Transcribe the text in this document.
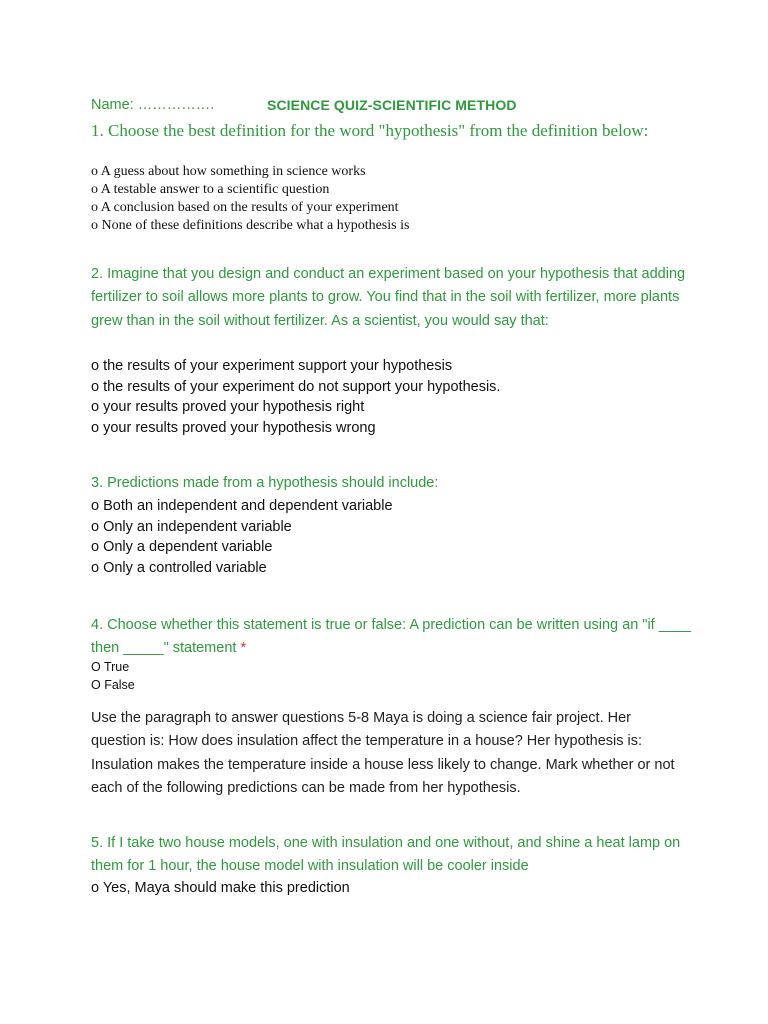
Name: …………….	SCIENCE QUIZ-SCIENTIFIC METHOD
1. Choose the best definition for the word "hypothesis" from the definition below:
o A guess about how something in science works
o A testable answer to a scientific question
o A conclusion based on the results of your experiment
o None of these definitions describe what a hypothesis is
2. Imagine that you design and conduct an experiment based on your hypothesis that adding fertilizer to soil allows more plants to grow. You find that in the soil with fertilizer, more plants grew than in the soil without fertilizer. As a scientist, you would say that:
o the results of your experiment support your hypothesis
o the results of your experiment do not support your hypothesis.
o your results proved your hypothesis right
o your results proved your hypothesis wrong
3. Predictions made from a hypothesis should include:
o Both an independent and dependent variable
o Only an independent variable
o Only a dependent variable
o Only a controlled variable
4. Choose whether this statement is true or false: A prediction can be written using an "if ____ then _____" statement *
O True
O False
Use the paragraph to answer questions 5-8 Maya is doing a science fair project. Her question is: How does insulation affect the temperature in a house? Her hypothesis is: Insulation makes the temperature inside a house less likely to change. Mark whether or not each of the following predictions can be made from her hypothesis.
5. If I take two house models, one with insulation and one without, and shine a heat lamp on them for 1 hour, the house model with insulation will be cooler inside
o Yes, Maya should make this prediction
